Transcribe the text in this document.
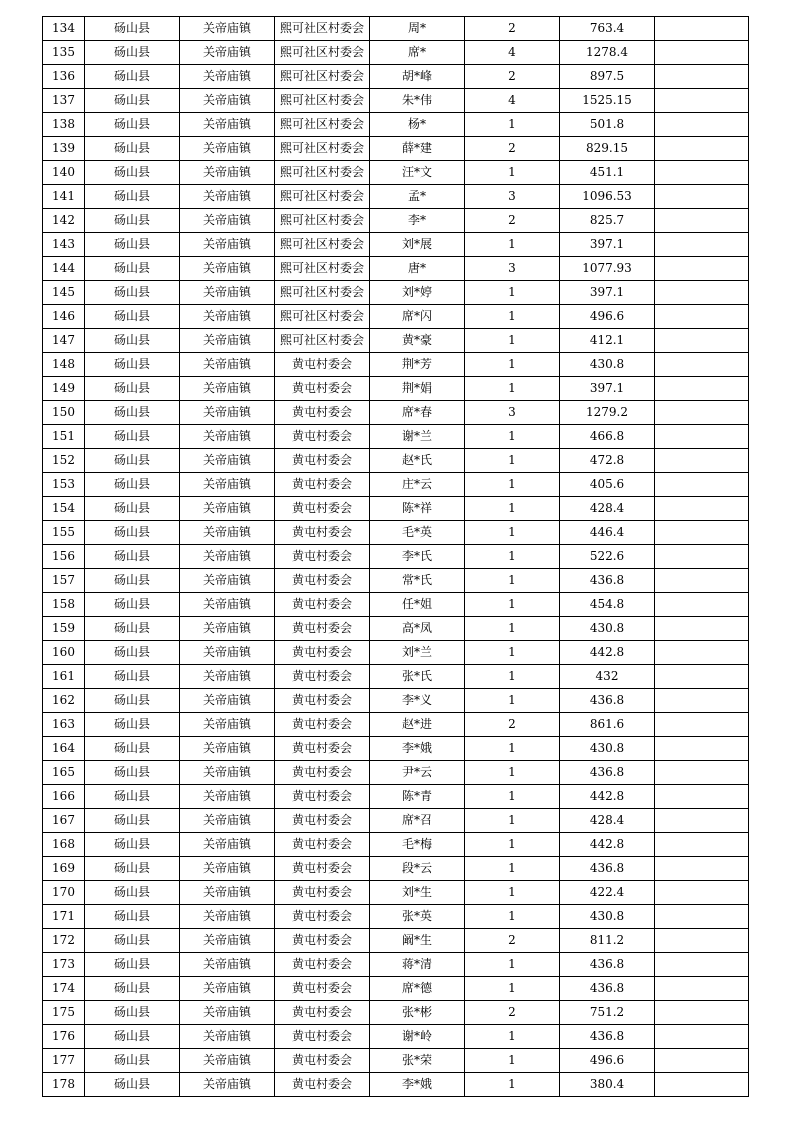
134	砀山县	关帝庙镇	熙可社区村委会	周*	2	763.4	
135	砀山县	关帝庙镇	熙可社区村委会	席*	4	1278.4	
136	砀山县	关帝庙镇	熙可社区村委会	胡*峰	2	897.5	
137	砀山县	关帝庙镇	熙可社区村委会	朱*伟	4	1525.15	
138	砀山县	关帝庙镇	熙可社区村委会	杨*	1	501.8	
139	砀山县	关帝庙镇	熙可社区村委会	薛*建	2	829.15	
140	砀山县	关帝庙镇	熙可社区村委会	汪*文	1	451.1	
141	砀山县	关帝庙镇	熙可社区村委会	孟*	3	1096.53	
142	砀山县	关帝庙镇	熙可社区村委会	李*	2	825.7	
143	砀山县	关帝庙镇	熙可社区村委会	刘*展	1	397.1	
144	砀山县	关帝庙镇	熙可社区村委会	唐*	3	1077.93	
145	砀山县	关帝庙镇	熙可社区村委会	刘*婷	1	397.1	
146	砀山县	关帝庙镇	熙可社区村委会	席*闪	1	496.6	
147	砀山县	关帝庙镇	熙可社区村委会	黄*豪	1	412.1	
148	砀山县	关帝庙镇	黄屯村委会	荆*芳	1	430.8	
149	砀山县	关帝庙镇	黄屯村委会	荆*娟	1	397.1	
150	砀山县	关帝庙镇	黄屯村委会	席*春	3	1279.2	
151	砀山县	关帝庙镇	黄屯村委会	谢*兰	1	466.8	
152	砀山县	关帝庙镇	黄屯村委会	赵*氏	1	472.8	
153	砀山县	关帝庙镇	黄屯村委会	庄*云	1	405.6	
154	砀山县	关帝庙镇	黄屯村委会	陈*祥	1	428.4	
155	砀山县	关帝庙镇	黄屯村委会	毛*英	1	446.4	
156	砀山县	关帝庙镇	黄屯村委会	李*氏	1	522.6	
157	砀山县	关帝庙镇	黄屯村委会	常*氏	1	436.8	
158	砀山县	关帝庙镇	黄屯村委会	任*姐	1	454.8	
159	砀山县	关帝庙镇	黄屯村委会	高*凤	1	430.8	
160	砀山县	关帝庙镇	黄屯村委会	刘*兰	1	442.8	
161	砀山县	关帝庙镇	黄屯村委会	张*氏	1	432	
162	砀山县	关帝庙镇	黄屯村委会	李*义	1	436.8	
163	砀山县	关帝庙镇	黄屯村委会	赵*进	2	861.6	
164	砀山县	关帝庙镇	黄屯村委会	李*娥	1	430.8	
165	砀山县	关帝庙镇	黄屯村委会	尹*云	1	436.8	
166	砀山县	关帝庙镇	黄屯村委会	陈*青	1	442.8	
167	砀山县	关帝庙镇	黄屯村委会	席*召	1	428.4	
168	砀山县	关帝庙镇	黄屯村委会	毛*梅	1	442.8	
169	砀山县	关帝庙镇	黄屯村委会	段*云	1	436.8	
170	砀山县	关帝庙镇	黄屯村委会	刘*生	1	422.4	
171	砀山县	关帝庙镇	黄屯村委会	张*英	1	430.8	
172	砀山县	关帝庙镇	黄屯村委会	阚*生	2	811.2	
173	砀山县	关帝庙镇	黄屯村委会	蒋*清	1	436.8	
174	砀山县	关帝庙镇	黄屯村委会	席*德	1	436.8	
175	砀山县	关帝庙镇	黄屯村委会	张*彬	2	751.2	
176	砀山县	关帝庙镇	黄屯村委会	谢*岭	1	436.8	
177	砀山县	关帝庙镇	黄屯村委会	张*荣	1	496.6	
178	砀山县	关帝庙镇	黄屯村委会	李*娥	1	380.4	
